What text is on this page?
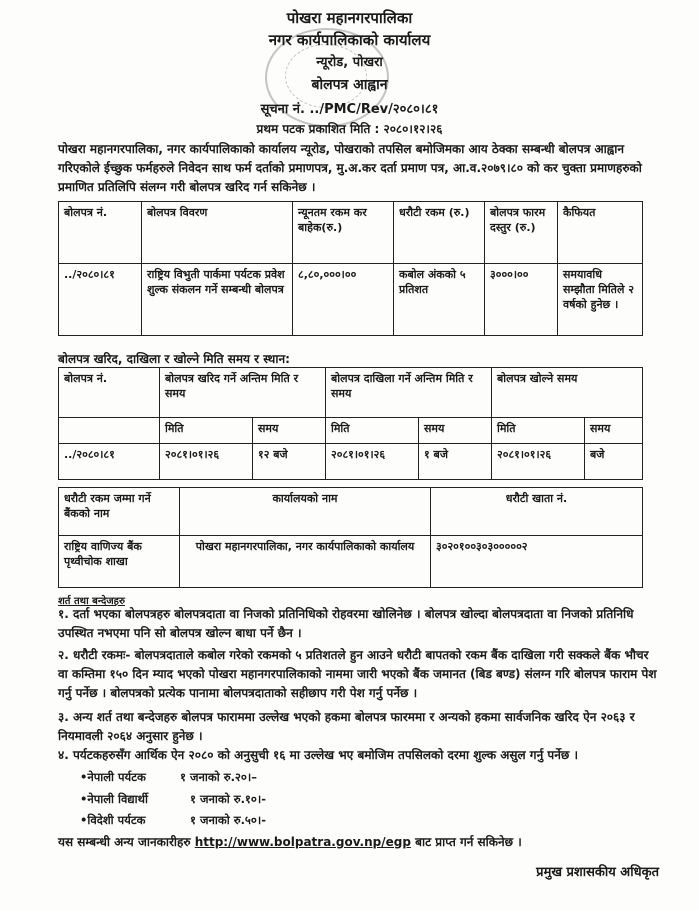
पोखरा महानगरपालिका
नगर कार्यपालिकाको कार्यालय
न्यूरोड, पोखरा
बोलपत्र आह्वान
सूचना नं. ../PMC/Rev/२०८०।८१
प्रथम पटक प्रकाशित मिति : २०८०।१२।२६
पोखरा महानगरपालिका, नगर कार्यपालिकाको कार्यालय न्यूरोड, पोखराको तपसिल बमोजिमका आय ठेक्का सम्बन्धी बोलपत्र आह्वान गरिएकोले ईच्छुक फर्महरुले निवेदन साथ फर्म दर्ताको प्रमाणपत्र, मु.अ.कर दर्ता प्रमाण पत्र, आ.व.२०७९।८० को कर चुक्ता प्रमाणहरुको प्रमाणित प्रतिलिपि संलग्न गरी बोलपत्र खरिद गर्न सकिनेछ ।
बोलपत्र नं.	बोलपत्र विवरण	न्यूनतम रकम कर बाहेक(रु.)	धरौटी रकम (रु.)	बोलपत्र फारम दस्तुर (रु.)	कैफियत
../२०८०।८१	राष्ट्रिय विभुती पार्कमा पर्यटक प्रवेश शुल्क संकलन गर्ने सम्बन्धी बोलपत्र	८,८०,०००।००	कबोल अंकको ५ प्रतिशत	३०००।००	समयावधि सम्झौता मितिले २ वर्षको हुनेछ ।
बोलपत्र खरिद, दाखिला र खोल्ने मिति समय र स्थान:
बोलपत्र नं.	बोलपत्र खरिद गर्ने अन्तिम मिति र समय		बोलपत्र दाखिला गर्ने अन्तिम मिति र समय		बोलपत्र खोल्ने समय	
	मिति	समय	मिति	समय	मिति	समय
../२०८०।८१	२०८१।०१।२६	१२ बजे	२०८१।०१।२६	१ बजे	२०८१।०१।२६	बजे
धरौटी रकम जम्मा गर्ने बैंकको नाम	कार्यालयको नाम	धरौटी खाता नं.
राष्ट्रिय वाणिज्य बैंक पृथ्वीचोक शाखा	पोखरा महानगरपालिका, नगर कार्यपालिकाको कार्यालय	३०२०१००३०३०००००२
शर्त तथा बन्देजहरु
१. दर्ता भएका बोलपत्रहरु बोलपत्रदाता वा निजको प्रतिनिधिको रोहवरमा खोलिनेछ । बोलपत्र खोल्दा बोलपत्रदाता वा निजको प्रतिनिधि उपस्थित नभएमा पनि सो बोलपत्र खोल्न बाधा पर्ने छैन ।
२. धरौटी रकमः- बोलपत्रदाताले कबोल गरेको रकमको ५ प्रतिशतले हुन आउने धरौटी बापतको रकम बैंक दाखिला गरी सक्कले बैंक भौचर वा कम्तिमा १५० दिन म्याद भएको पोखरा महानगरपालिकाको नाममा जारी भएको बैंक जमानत (बिड बण्ड) संलग्न गरि बोलपत्र फाराम पेश गर्नु पर्नेछ । बोलपत्रको प्रत्येक पानामा बोलपत्रदाताको सहीछाप गरी पेश गर्नु पर्नेछ ।
३. अन्य शर्त तथा बन्देजहरु बोलपत्र फाराममा उल्लेख भएको हकमा बोलपत्र फारममा र अन्यको हकमा सार्वजनिक खरिद ऐन २०६३ र नियमावली २०६४ अनुसार हुनेछ ।
४. पर्यटकहरुसँग आर्थिक ऐन २०८० को अनुसुची १६ मा उल्लेख भए बमोजिम तपसिलको दरमा शुल्क असुल गर्नु पर्नेछ ।
•नेपाली पर्यटक	१ जनाको रु.२०।–
•नेपाली विद्यार्थी	१ जनाको रु.१०।-
•विदेशी पर्यटक	१ जनाको रु.५०।-
यस सम्बन्धी अन्य जानकारीहरु http://www.bolpatra.gov.np/egp बाट प्राप्त गर्न सकिनेछ ।
प्रमुख प्रशासकीय अधिकृत
